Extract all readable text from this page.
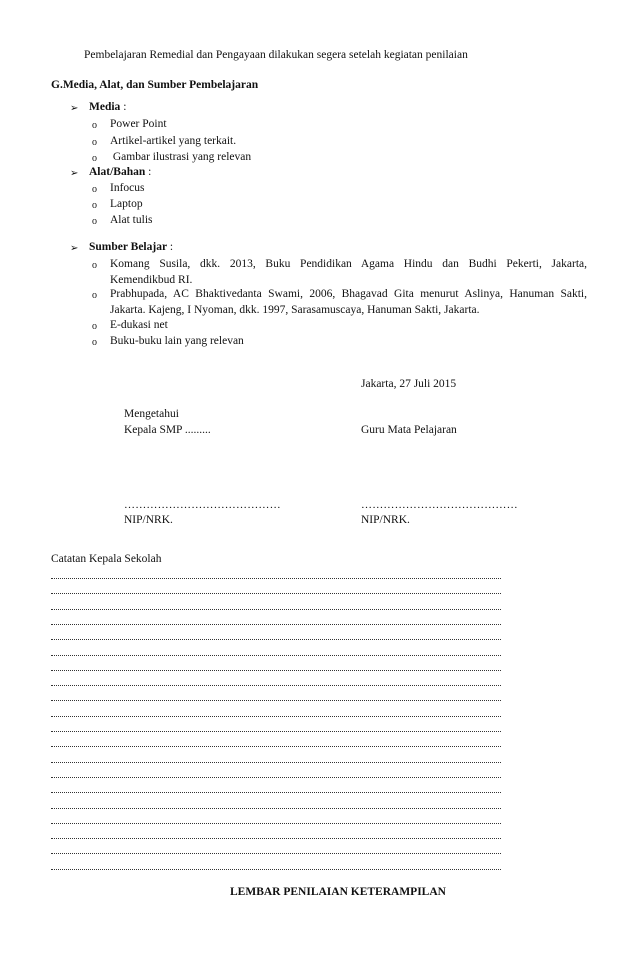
Pembelajaran Remedial dan Pengayaan dilakukan segera setelah kegiatan penilaian
G.Media, Alat, dan Sumber Pembelajaran
➢ Media :
o Power Point
o Artikel-artikel yang terkait.
o Gambar ilustrasi yang relevan
➢ Alat/Bahan :
o Infocus
o Laptop
o Alat tulis
➢ Sumber Belajar :
o Komang Susila, dkk. 2013, Buku Pendidikan Agama Hindu dan Budhi Pekerti, Jakarta,
Kemendikbud RI.
o Prabhupada, AC Bhaktivedanta Swami, 2006, Bhagavad Gita menurut Aslinya, Hanuman Sakti,
Jakarta. Kajeng, I Nyoman, dkk. 1997, Sarasamuscaya, Hanuman Sakti, Jakarta.
o E-dukasi net
o Buku-buku lain yang relevan
Jakarta, 27 Juli 2015
Mengetahui
Kepala SMP .........	Guru Mata Pelajaran
……………………………………	……………………………………
NIP/NRK.	NIP/NRK.
Catatan Kepala Sekolah
LEMBAR PENILAIAN KETERAMPILAN
